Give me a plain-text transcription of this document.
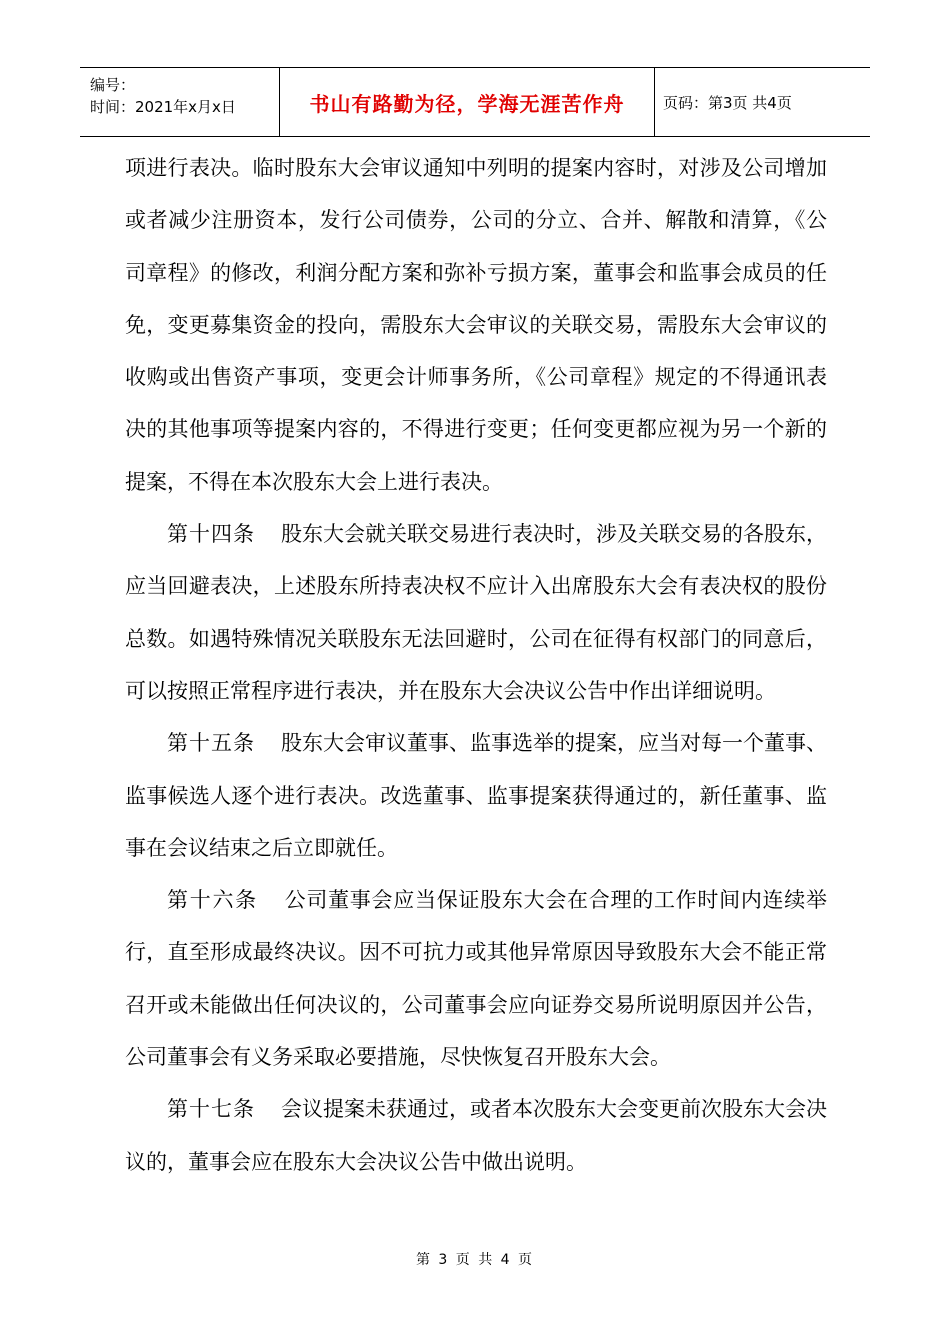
编号：
时间：2021年x月x日	书山有路勤为径，学海无涯苦作舟	页码：第3页 共4页

项进行表决。临时股东大会审议通知中列明的提案内容时，对涉及公司增加或者减少注册资本，发行公司债券，公司的分立、合并、解散和清算，《公司章程》的修改，利润分配方案和弥补亏损方案，董事会和监事会成员的任免，变更募集资金的投向，需股东大会审议的关联交易，需股东大会审议的收购或出售资产事项，变更会计师事务所，《公司章程》规定的不得通讯表决的其他事项等提案内容的，不得进行变更；任何变更都应视为另一个新的提案，不得在本次股东大会上进行表决。

第十四条 股东大会就关联交易进行表决时，涉及关联交易的各股东，应当回避表决，上述股东所持表决权不应计入出席股东大会有表决权的股份总数。如遇特殊情况关联股东无法回避时，公司在征得有权部门的同意后，可以按照正常程序进行表决，并在股东大会决议公告中作出详细说明。

第十五条 股东大会审议董事、监事选举的提案，应当对每一个董事、监事候选人逐个进行表决。改选董事、监事提案获得通过的，新任董事、监事在会议结束之后立即就任。

第十六条 公司董事会应当保证股东大会在合理的工作时间内连续举行，直至形成最终决议。因不可抗力或其他异常原因导致股东大会不能正常召开或未能做出任何决议的，公司董事会应向证券交易所说明原因并公告，公司董事会有义务采取必要措施，尽快恢复召开股东大会。

第十七条 会议提案未获通过，或者本次股东大会变更前次股东大会决议的，董事会应在股东大会决议公告中做出说明。

第 3 页 共 4 页
